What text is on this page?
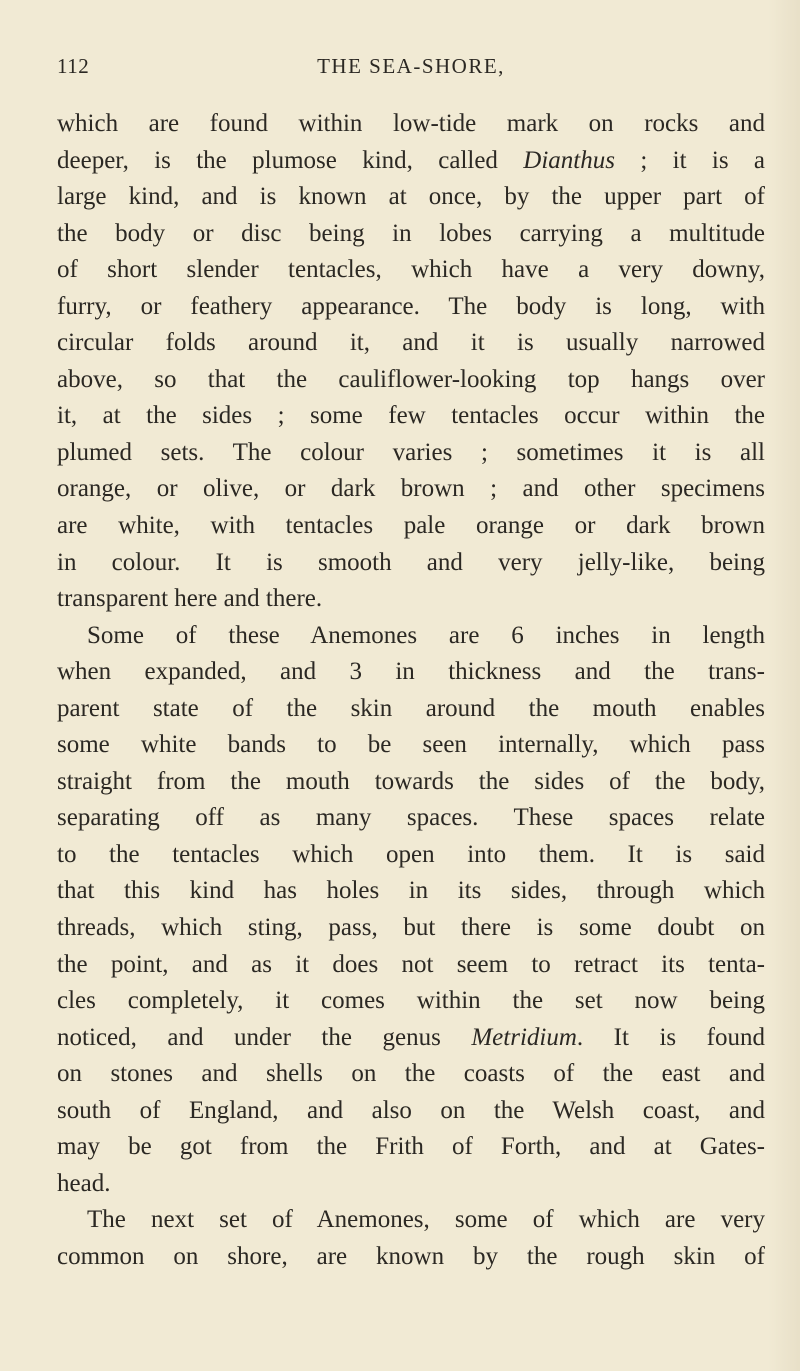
112	THE SEA-SHORE,
which are found within low-tide mark on rocks and
deeper, is the plumose kind, called Dianthus ; it is a
large kind, and is known at once, by the upper part of
the body or disc being in lobes carrying a multitude
of short slender tentacles, which have a very downy,
furry, or feathery appearance. The body is long, with
circular folds around it, and it is usually narrowed
above, so that the cauliflower-looking top hangs over
it, at the sides ; some few tentacles occur within the
plumed sets. The colour varies ; sometimes it is all
orange, or olive, or dark brown ; and other specimens
are white, with tentacles pale orange or dark brown
in colour. It is smooth and very jelly-like, being
transparent here and there.
Some of these Anemones are 6 inches in length
when expanded, and 3 in thickness and the trans-
parent state of the skin around the mouth enables
some white bands to be seen internally, which pass
straight from the mouth towards the sides of the body,
separating off as many spaces. These spaces relate
to the tentacles which open into them. It is said
that this kind has holes in its sides, through which
threads, which sting, pass, but there is some doubt on
the point, and as it does not seem to retract its tenta-
cles completely, it comes within the set now being
noticed, and under the genus Metridium. It is found
on stones and shells on the coasts of the east and
south of England, and also on the Welsh coast, and
may be got from the Frith of Forth, and at Gates-
head.
The next set of Anemones, some of which are very
common on shore, are known by the rough skin of
